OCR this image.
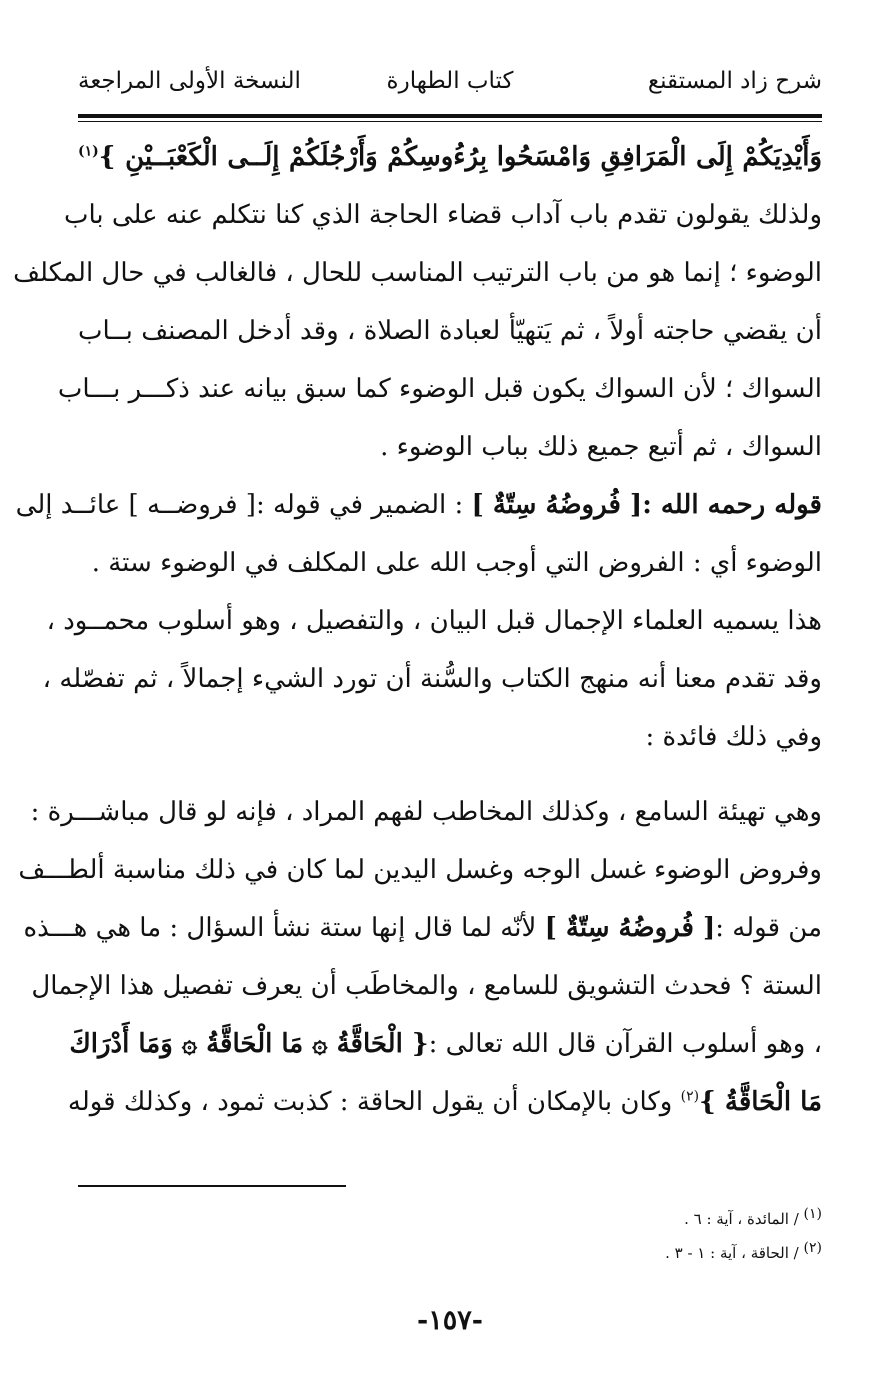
شرح زاد المستقنع
كتاب الطهارة
النسخة الأولى المراجعة
وَأَيْدِيَكُمْ إِلَى الْمَرَافِقِ وَامْسَحُوا بِرُءُوسِكُمْ وَأَرْجُلَكُمْ إِلَــى الْكَعْبَــيْنِ }$^{(١)}$
ولذلك يقولون تقدم باب آداب قضاء الحاجة الذي كنا نتكلم عنه على باب
الوضوء ؛ إنما هو من باب الترتيب المناسب للحال ، فالغالب في حال المكلف
أن يقضي حاجته أولاً ، ثم يَتهيّأ لعبادة الصلاة ، وقد أدخل المصنف بــاب
السواك ؛ لأن السواك يكون قبل الوضوء كما سبق بيانه عند ذكـــر بـــاب
السواك ، ثم أتبع جميع ذلك بباب الوضوء .
قوله رحمه الله :[ فُروضُهُ سِتّةٌ ] : الضمير في قوله :[ فروضــه ] عائــد إلى
الوضوء أي : الفروض التي أوجب الله على المكلف في الوضوء ستة .
هذا يسميه العلماء الإجمال قبل البيان ، والتفصيل ، وهو أسلوب محمــود ،
وقد تقدم معنا أنه منهج الكتاب والسُّنة أن تورد الشيء إجمالاً ، ثم تفصّله ،
وفي ذلك فائدة :
وهي تهيئة السامع ، وكذلك المخاطب لفهم المراد ، فإنه لو قال مباشـــرة :
وفروض الوضوء غسل الوجه وغسل اليدين لما كان في ذلك مناسبة ألطـــف
من قوله :[ فُروضُهُ سِتّةٌ ] لأنّه لما قال إنها ستة نشأ السؤال : ما هي هـــذه
الستة ؟ فحدث التشويق للسامع ، والمخاطَب أن يعرف تفصيل هذا الإجمال
، وهو أسلوب القرآن قال الله تعالى :{ الْحَاقَّةُ ۞ مَا الْحَاقَّةُ ۞ وَمَا أَدْرَاكَ
مَا الْحَاقَّةُ }$^{(٢)}$ وكان بالإمكان أن يقول الحاقة : كذبت ثمود ، وكذلك قوله
$^{(١)}$ / المائدة ، آية : ٦ .
$^{(٢)}$ / الحاقة ، آية : ١ - ٣ .
-١٥٧-
